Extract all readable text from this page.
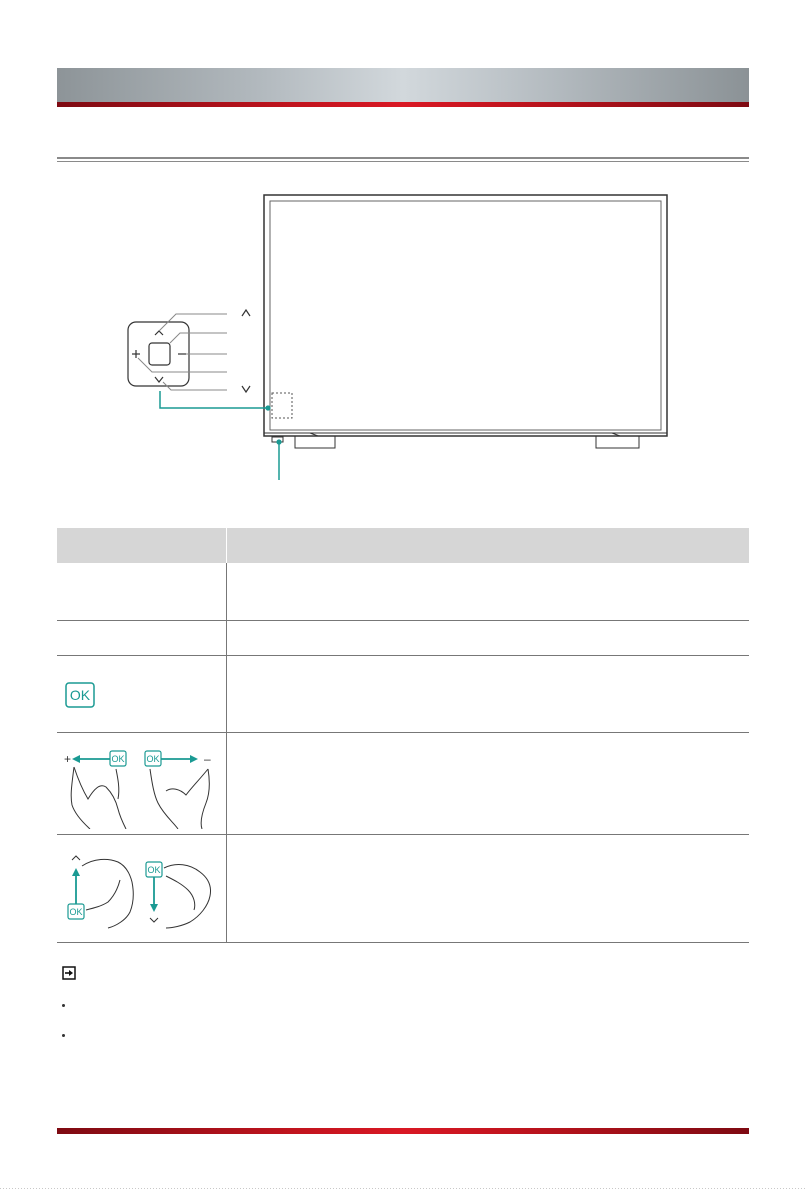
OK
+	OK OK	–
OK
OK
